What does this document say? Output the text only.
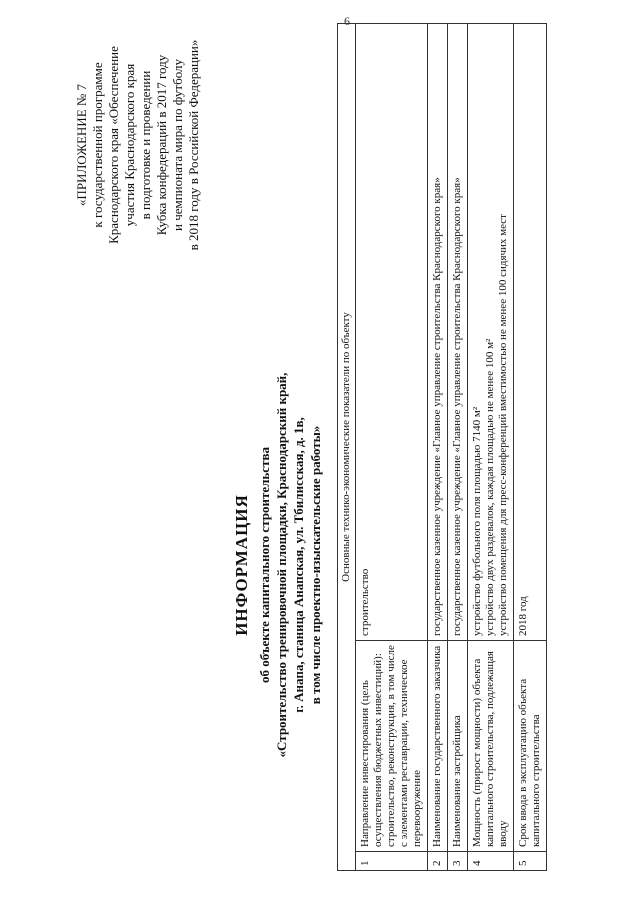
6
«ПРИЛОЖЕНИЕ № 7 к государственной программе Краснодарского края «Обеспечение участия Краснодарского края в подготовке и проведении Кубка конфедераций в 2017 году и чемпионата мира по футболу в 2018 году в Российской Федерации»
ИНФОРМАЦИЯ об объекте капитального строительства «Строительство тренировочной площадки, Краснодарский край, г. Анапа, станица Анапская, ул. Тбилисская, д. 1в, в том числе проектно-изыскательские работы» Основные технико-экономические показатели по объекту		
1	Направление инвестирования (цель осуществления бюджетных инвестиций): строительство, реконструкция, в том числе с элементами реставрации, техническое перевооружение	строительство

2	Наименование государственного заказчика	государственное казенное учреждение «Главное управление строительства Краснодарского края»

3	Наименование застройщика	государственное казенное учреждение «Главное управление строительства Краснодарского края»

4	Мощность (прирост мощности) объекта капитального строительства, подлежащая вводу	устройство футбольного поля площадью 7140 м² устройство двух раздевалок, каждая площадью не менее 100 м² устройство помещения для пресс-конференций вместимостью не менее 100 сидячих мест

5	Срок ввода в эксплуатацию объекта капитального строительства	2018 год
